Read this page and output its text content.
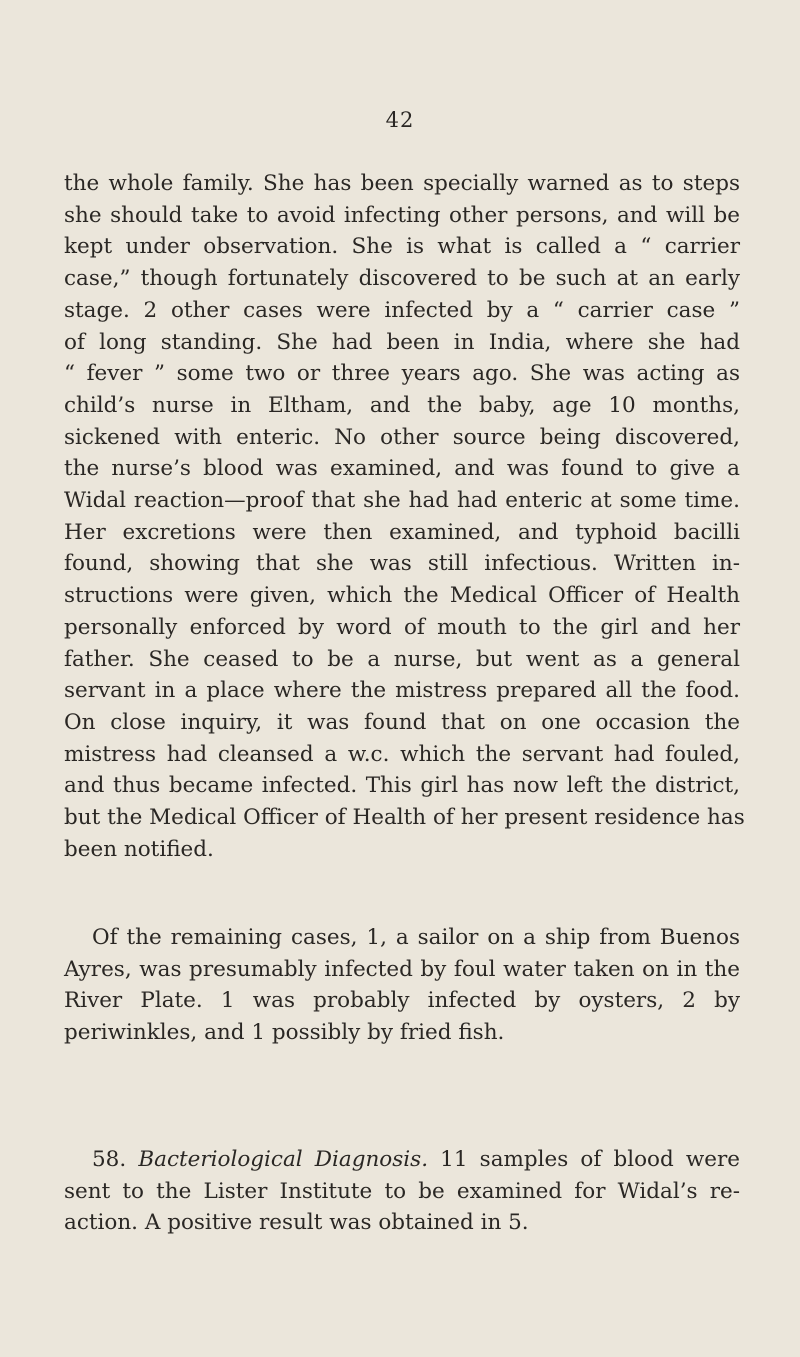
42
the whole family. She has been specially warned as to steps
she should take to avoid infecting other persons, and will be
kept under observation. She is what is called a “ carrier
case,” though fortunately discovered to be such at an early
stage. 2 other cases were infected by a “ carrier case ”
of long standing. She had been in India, where she had
“ fever ” some two or three years ago. She was acting as
child’s nurse in Eltham, and the baby, age 10 months,
sickened with enteric. No other source being discovered,
the nurse’s blood was examined, and was found to give a
Widal reaction—proof that she had had enteric at some time.
Her excretions were then examined, and typhoid bacilli
found, showing that she was still infectious. Written in-
structions were given, which the Medical Officer of Health
personally enforced by word of mouth to the girl and her
father. She ceased to be a nurse, but went as a general
servant in a place where the mistress prepared all the food.
On close inquiry, it was found that on one occasion the
mistress had cleansed a w.c. which the servant had fouled,
and thus became infected. This girl has now left the district,
but the Medical Officer of Health of her present residence has
been notified.
Of the remaining cases, 1, a sailor on a ship from Buenos
Ayres, was presumably infected by foul water taken on in the
River Plate. 1 was probably infected by oysters, 2 by
periwinkles, and 1 possibly by fried fish.
58. Bacteriological Diagnosis. 11 samples of blood were
sent to the Lister Institute to be examined for Widal’s re-
action. A positive result was obtained in 5.
